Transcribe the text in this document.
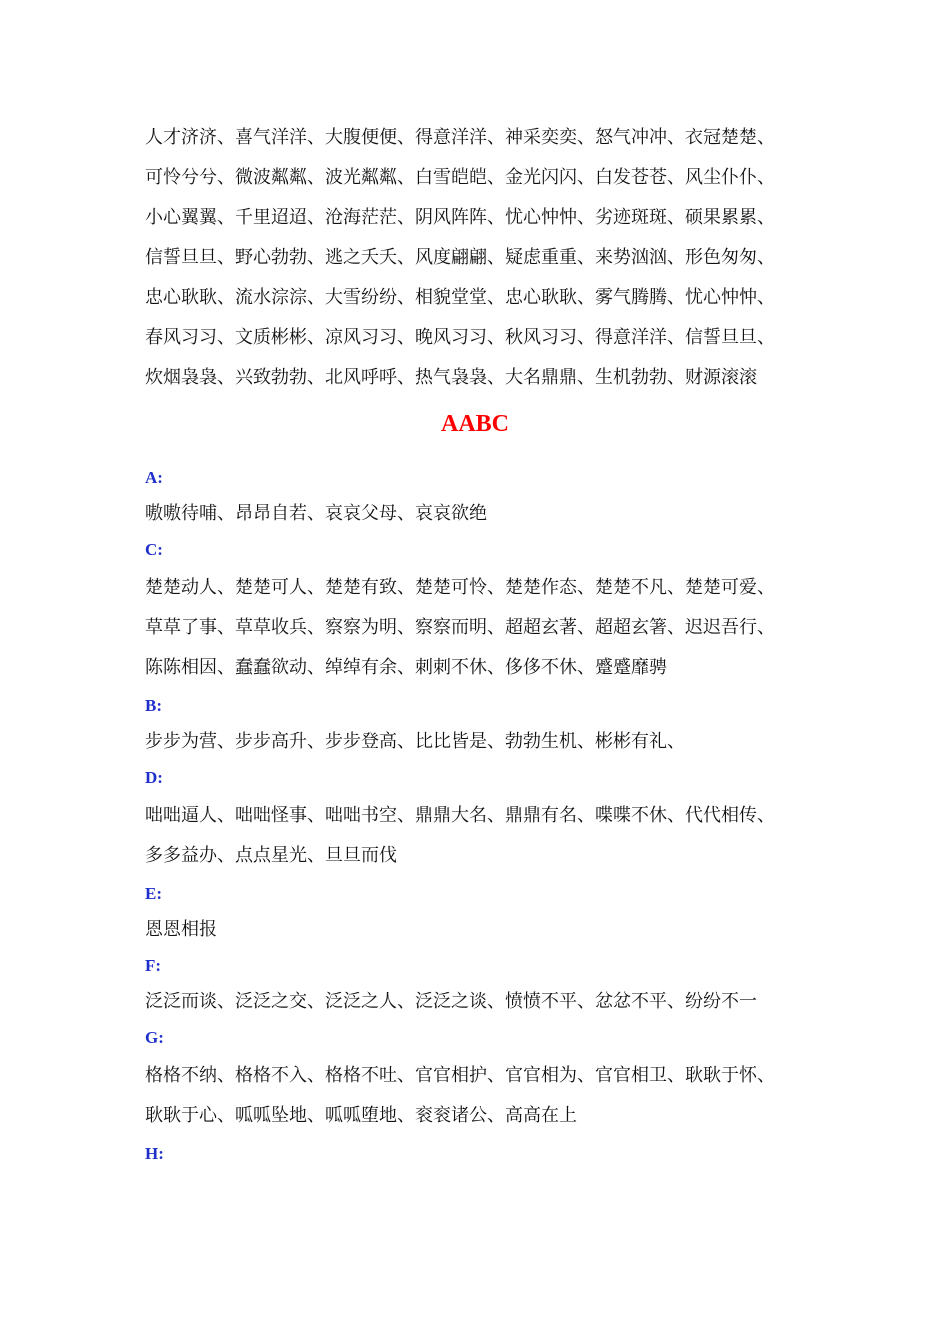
人才济济、喜气洋洋、大腹便便、得意洋洋、神采奕奕、怒气冲冲、衣冠楚楚、
可怜兮兮、微波粼粼、波光粼粼、白雪皑皑、金光闪闪、白发苍苍、风尘仆仆、
小心翼翼、千里迢迢、沧海茫茫、阴风阵阵、忧心忡忡、劣迹斑斑、硕果累累、
信誓旦旦、野心勃勃、逃之夭夭、风度翩翩、疑虑重重、来势汹汹、形色匆匆、
忠心耿耿、流水淙淙、大雪纷纷、相貌堂堂、忠心耿耿、雾气腾腾、忧心忡忡、
春风习习、文质彬彬、凉风习习、晚风习习、秋风习习、得意洋洋、信誓旦旦、
炊烟袅袅、兴致勃勃、北风呼呼、热气袅袅、大名鼎鼎、生机勃勃、财源滚滚
AABC
A:
嗷嗷待哺、昂昂自若、哀哀父母、哀哀欲绝
C:
楚楚动人、楚楚可人、楚楚有致、楚楚可怜、楚楚作态、楚楚不凡、楚楚可爱、
草草了事、草草收兵、察察为明、察察而明、超超玄著、超超玄箸、迟迟吾行、
陈陈相因、蠢蠢欲动、绰绰有余、刺刺不休、侈侈不休、蹙蹙靡骋
B:
步步为营、步步高升、步步登高、比比皆是、勃勃生机、彬彬有礼、
D:
咄咄逼人、咄咄怪事、咄咄书空、鼎鼎大名、鼎鼎有名、喋喋不休、代代相传、
多多益办、点点星光、旦旦而伐
E:
恩恩相报
F:
泛泛而谈、泛泛之交、泛泛之人、泛泛之谈、愤愤不平、忿忿不平、纷纷不一
G:
格格不纳、格格不入、格格不吐、官官相护、官官相为、官官相卫、耿耿于怀、
耿耿于心、呱呱坠地、呱呱堕地、衮衮诸公、高高在上
H:
